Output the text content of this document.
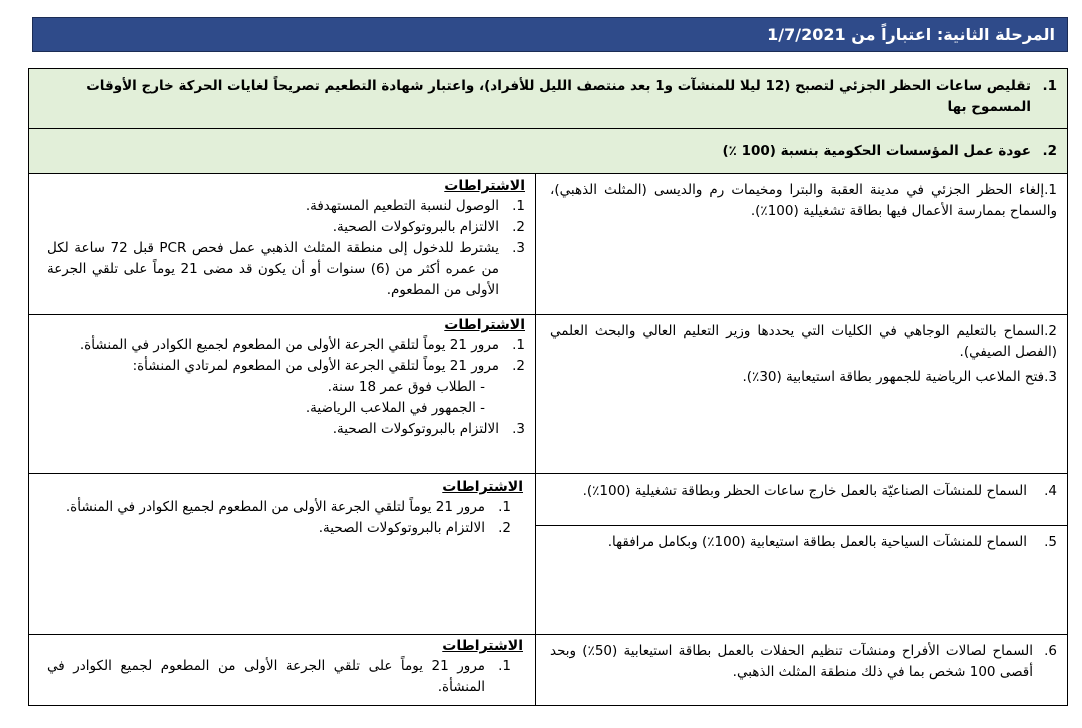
المرحلة الثانية: اعتباراً من 1/7/2021
1.
تقليص ساعات الحظر الجزئي لتصبح (12 ليلا للمنشآت و1 بعد منتصف الليل للأفراد)، واعتبار شهادة التطعيم تصريحاً لغايات الحركة خارج الأوقات المسموح بها
2.
عودة عمل المؤسسات الحكومية بنسبة (100 ٪)
1.إلغاء الحظر الجزئي في مدينة العقبة والبترا ومخيمات رم والديسى (المثلث الذهبي)، والسماح بممارسة الأعمال فيها بطاقة تشغيلية (100٪).
الاشتراطات
1.
الوصول لنسبة التطعيم المستهدفة.
2.
الالتزام بالبروتوكولات الصحية.
3.
يشترط للدخول إلى منطقة المثلث الذهبي عمل فحص PCR قبل 72 ساعة لكل من عمره أكثر من (6) سنوات أو أن يكون قد مضى 21 يوماً على تلقي الجرعة الأولى من المطعوم.
2.السماح بالتعليم الوجاهي في الكليات التي يحددها وزير التعليم العالي والبحث العلمي (الفصل الصيفي).
3.فتح الملاعب الرياضية للجمهور بطاقة استيعابية (30٪).
الاشتراطات
1.
مرور 21 يوماً لتلقي الجرعة الأولى من المطعوم لجميع الكوادر في المنشأة.
2.
مرور 21 يوماً لتلقي الجرعة الأولى من المطعوم لمرتادي المنشأة:
- الطلاب فوق عمر 18 سنة.
- الجمهور في الملاعب الرياضية.
3.
الالتزام بالبروتوكولات الصحية.
4.
السماح للمنشآت الصناعيّة بالعمل خارج ساعات الحظر وبطاقة تشغيلية (100٪).
5.
السماح للمنشآت السياحية بالعمل بطاقة استيعابية (100٪) وبكامل مرافقها.
الاشتراطات
1.
مرور 21 يوماً لتلقي الجرعة الأولى من المطعوم لجميع الكوادر في المنشأة.
2.
الالتزام بالبروتوكولات الصحية.
6.
السماح لصالات الأفراح ومنشآت تنظيم الحفلات بالعمل بطاقة استيعابية (50٪) وبحد أقصى 100 شخص بما في ذلك منطقة المثلث الذهبي.
الاشتراطات
1.
مرور 21 يوماً على تلقي الجرعة الأولى من المطعوم لجميع الكوادر في المنشأة.
